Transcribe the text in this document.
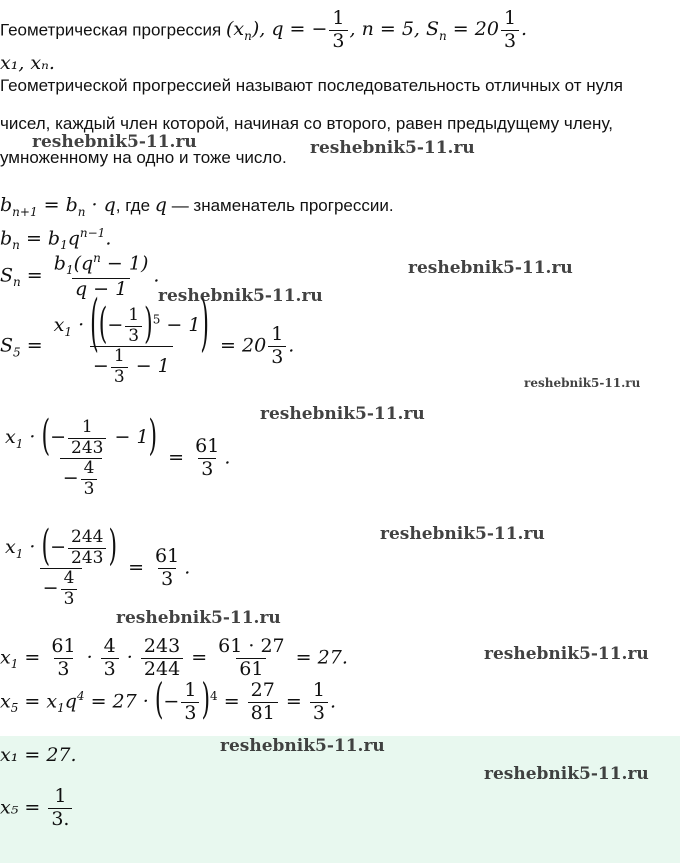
Геометрическая прогрессия $(x_n)$, q = − $\frac{1}{3}$ , n = 5, $S_n = 20 \frac{1}{3}$ .
x₁, xₙ.
Геометрической прогрессией называют последовательность отличных от нуля
чисел, каждый член которой, начиная со второго, равен предыдущему члену,
умноженному на одно и тоже число.
$b_{n+1} = b_n \cdot q$, где q — знаменатель прогрессии.
$b_n = b_1q^{n-1}$.
$S_n = \frac{b_1(q^n - 1)}{q - 1}$ .
$S_5 = \frac{x_1 \cdot ((- \frac{1}{3} )^5 - 1)}{- \frac{1}{3} - 1} = 20 \frac{1}{3}$ .
$\frac{x_1 \cdot (- \frac{1}{243} - 1)}{- \frac{4}{3}} = \frac{61}{3}$ .
$\frac{x_1 \cdot (- \frac{244}{243} )}{- \frac{4}{3}} = \frac{61}{3}$ .
$x_1 = \frac{61}{3} \cdot \frac{4}{3} \cdot \frac{243}{244} = \frac{61 \cdot 27}{61} = 27$.
$x_5 = x_1q^4 = 27$ · (− $\frac{1}{3} )^4 = \frac{27}{81} = \frac{1}{3}$ .
x₁ = 27.
$x_5 = \frac{1}{3.}$
reshebnik5-11.ru	reshebnik5-11.ru
reshebnik5-11.ru
reshebnik5-11.ru
reshebnik5-11.ru
reshebnik5-11.ru
reshebnik5-11.ru
reshebnik5-11.ru
reshebnik5-11.ru
reshebnik5-11.ru
reshebnik5-11.ru
